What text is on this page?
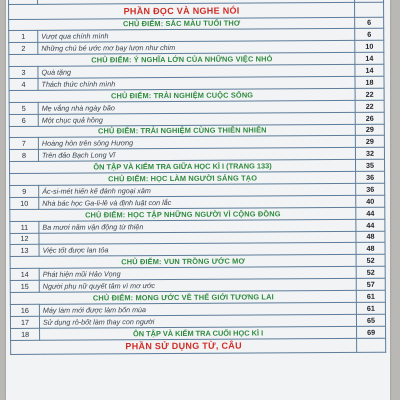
PHẦN ĐỌC VÀ NGHE NÓI		
CHỦ ĐIỂM: SẮC MÀU TUỔI THƠ		6
1	Vượt qua chính mình	6
2	Những chú bé ước mơ bay lượn như chim	10
CHỦ ĐIỂM: Ý NGHĨA LỚN CỦA NHỮNG VIỆC NHỎ		14
3	Quà tặng	14
4	Thách thức chính mình	18
CHỦ ĐIỂM: TRẢI NGHIỆM CUỘC SỐNG		22
5	Mẹ vắng nhà ngày bão	22
6	Một chục quả hồng	26
CHỦ ĐIỂM: TRẢI NGHIỆM CÙNG THIÊN NHIÊN		29
7	Hoàng hôn trên sông Hương	29
8	Trên đảo Bạch Long Vĩ	32
ÔN TẬP VÀ KIỂM TRA GIỮA HỌC KÌ I (TRANG 133)		35
CHỦ ĐIỂM: HỌC LÀM NGƯỜI SÁNG TẠO		36
9	Ác-si-mét hiến kế đánh ngoại xâm	36
10	Nhà bác học Ga-li-lê và định luật con lắc	40
CHỦ ĐIỂM: HỌC TẬP NHỮNG NGƯỜI VÌ CỘNG ĐỒNG		44
11	Ba mươi năm vận động từ thiện	44
12		48
13	Việc tốt được lan tỏa	48
CHỦ ĐIỂM: VUN TRỒNG ƯỚC MƠ		52
14	Phát hiện mũi Hảo Vọng	52
15	Người phụ nữ quyết tâm vì mơ ước	57
CHỦ ĐIỂM: MONG ƯỚC VỀ THẾ GIỚI TƯƠNG LAI		61
16	Máy làm mới được làm bốn mùa	61
17	Sử dụng rô-bốt làm thay con người	65
18	ÔN TẬP VÀ KIỂM TRA CUỐI HỌC KÌ I	69
PHẦN SỬ DỤNG TỪ, CÂU		
